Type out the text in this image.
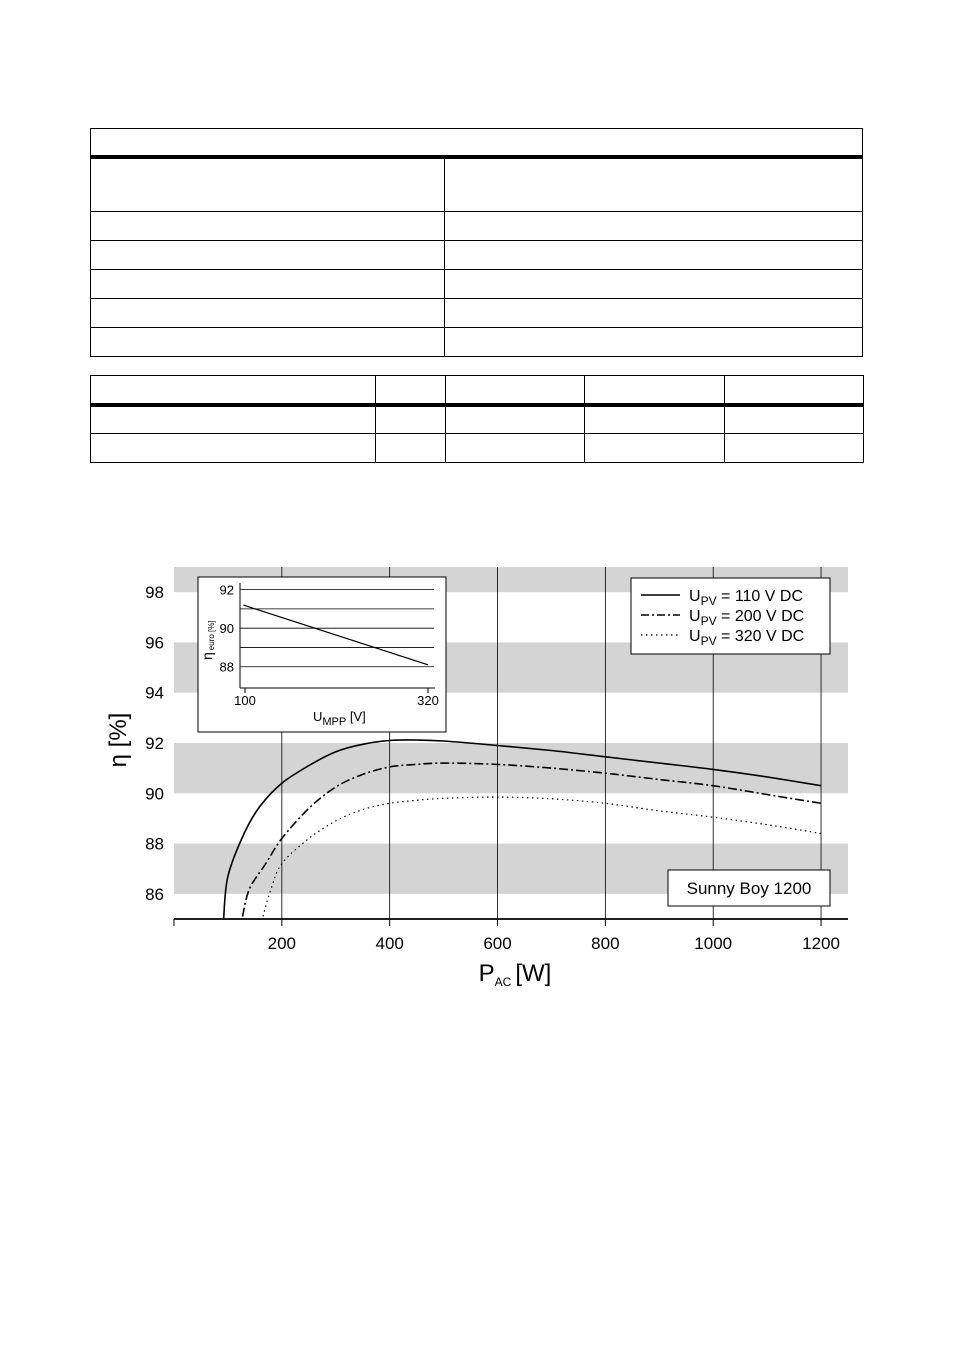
200	400	600	800	1000	1200
86
88
90
92
94
96
98
η [%]
$P_{AC}$ [W]
$U_{PV} = 110$ V DC
$U_{PV} = 200$ V DC
$U_{PV} = 320$ V DC
Sunny Boy 1200
88
90
92
100	320
ηeuro [%]
$U_{MPP}$ [V]
